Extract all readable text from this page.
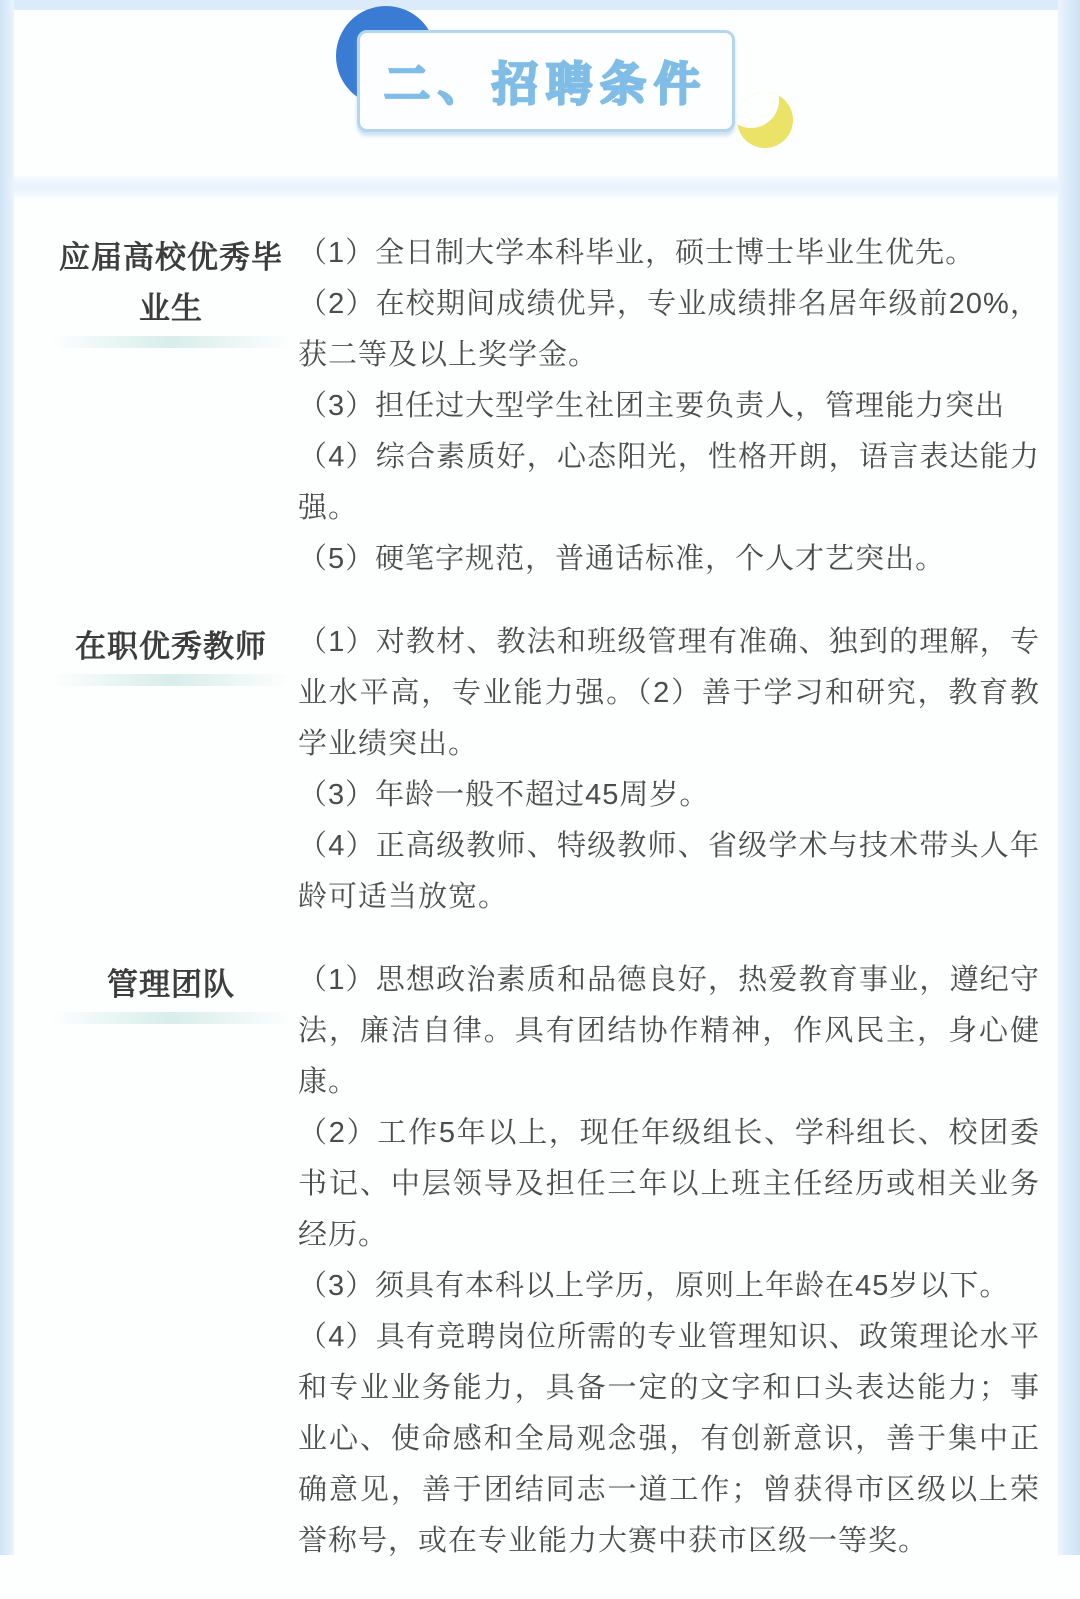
二、招聘条件
应届高校优秀毕业生

（1）全日制大学本科毕业，硕士博士毕业生优先。

（2）在校期间成绩优异，专业成绩排名居年级前20%，获二等及以上奖学金。

（3）担任过大型学生社团主要负责人，管理能力突出

（4）综合素质好，心态阳光，性格开朗，语言表达能力强。

（5）硬笔字规范，普通话标准，个人才艺突出。

在职优秀教师	（1）对教材、教法和班级管理有准确、独到的理解，专业水平高，专业能力强。（2）善于学习和研究，教育教学业绩突出。

（3）年龄一般不超过45周岁。

（4）正高级教师、特级教师、省级学术与技术带头人年龄可适当放宽。

管理团队	（1）思想政治素质和品德良好，热爱教育事业，遵纪守法，廉洁自律。具有团结协作精神，作风民主，身心健康。

（2）工作5年以上，现任年级组长、学科组长、校团委书记、中层领导及担任三年以上班主任经历或相关业务经历。

（3）须具有本科以上学历，原则上年龄在45岁以下。

（4）具有竞聘岗位所需的专业管理知识、政策理论水平和专业业务能力，具备一定的文字和口头表达能力；事业心、使命感和全局观念强，有创新意识，善于集中正确意见，善于团结同志一道工作；曾获得市区级以上荣誉称号，或在专业能力大赛中获市区级一等奖。
